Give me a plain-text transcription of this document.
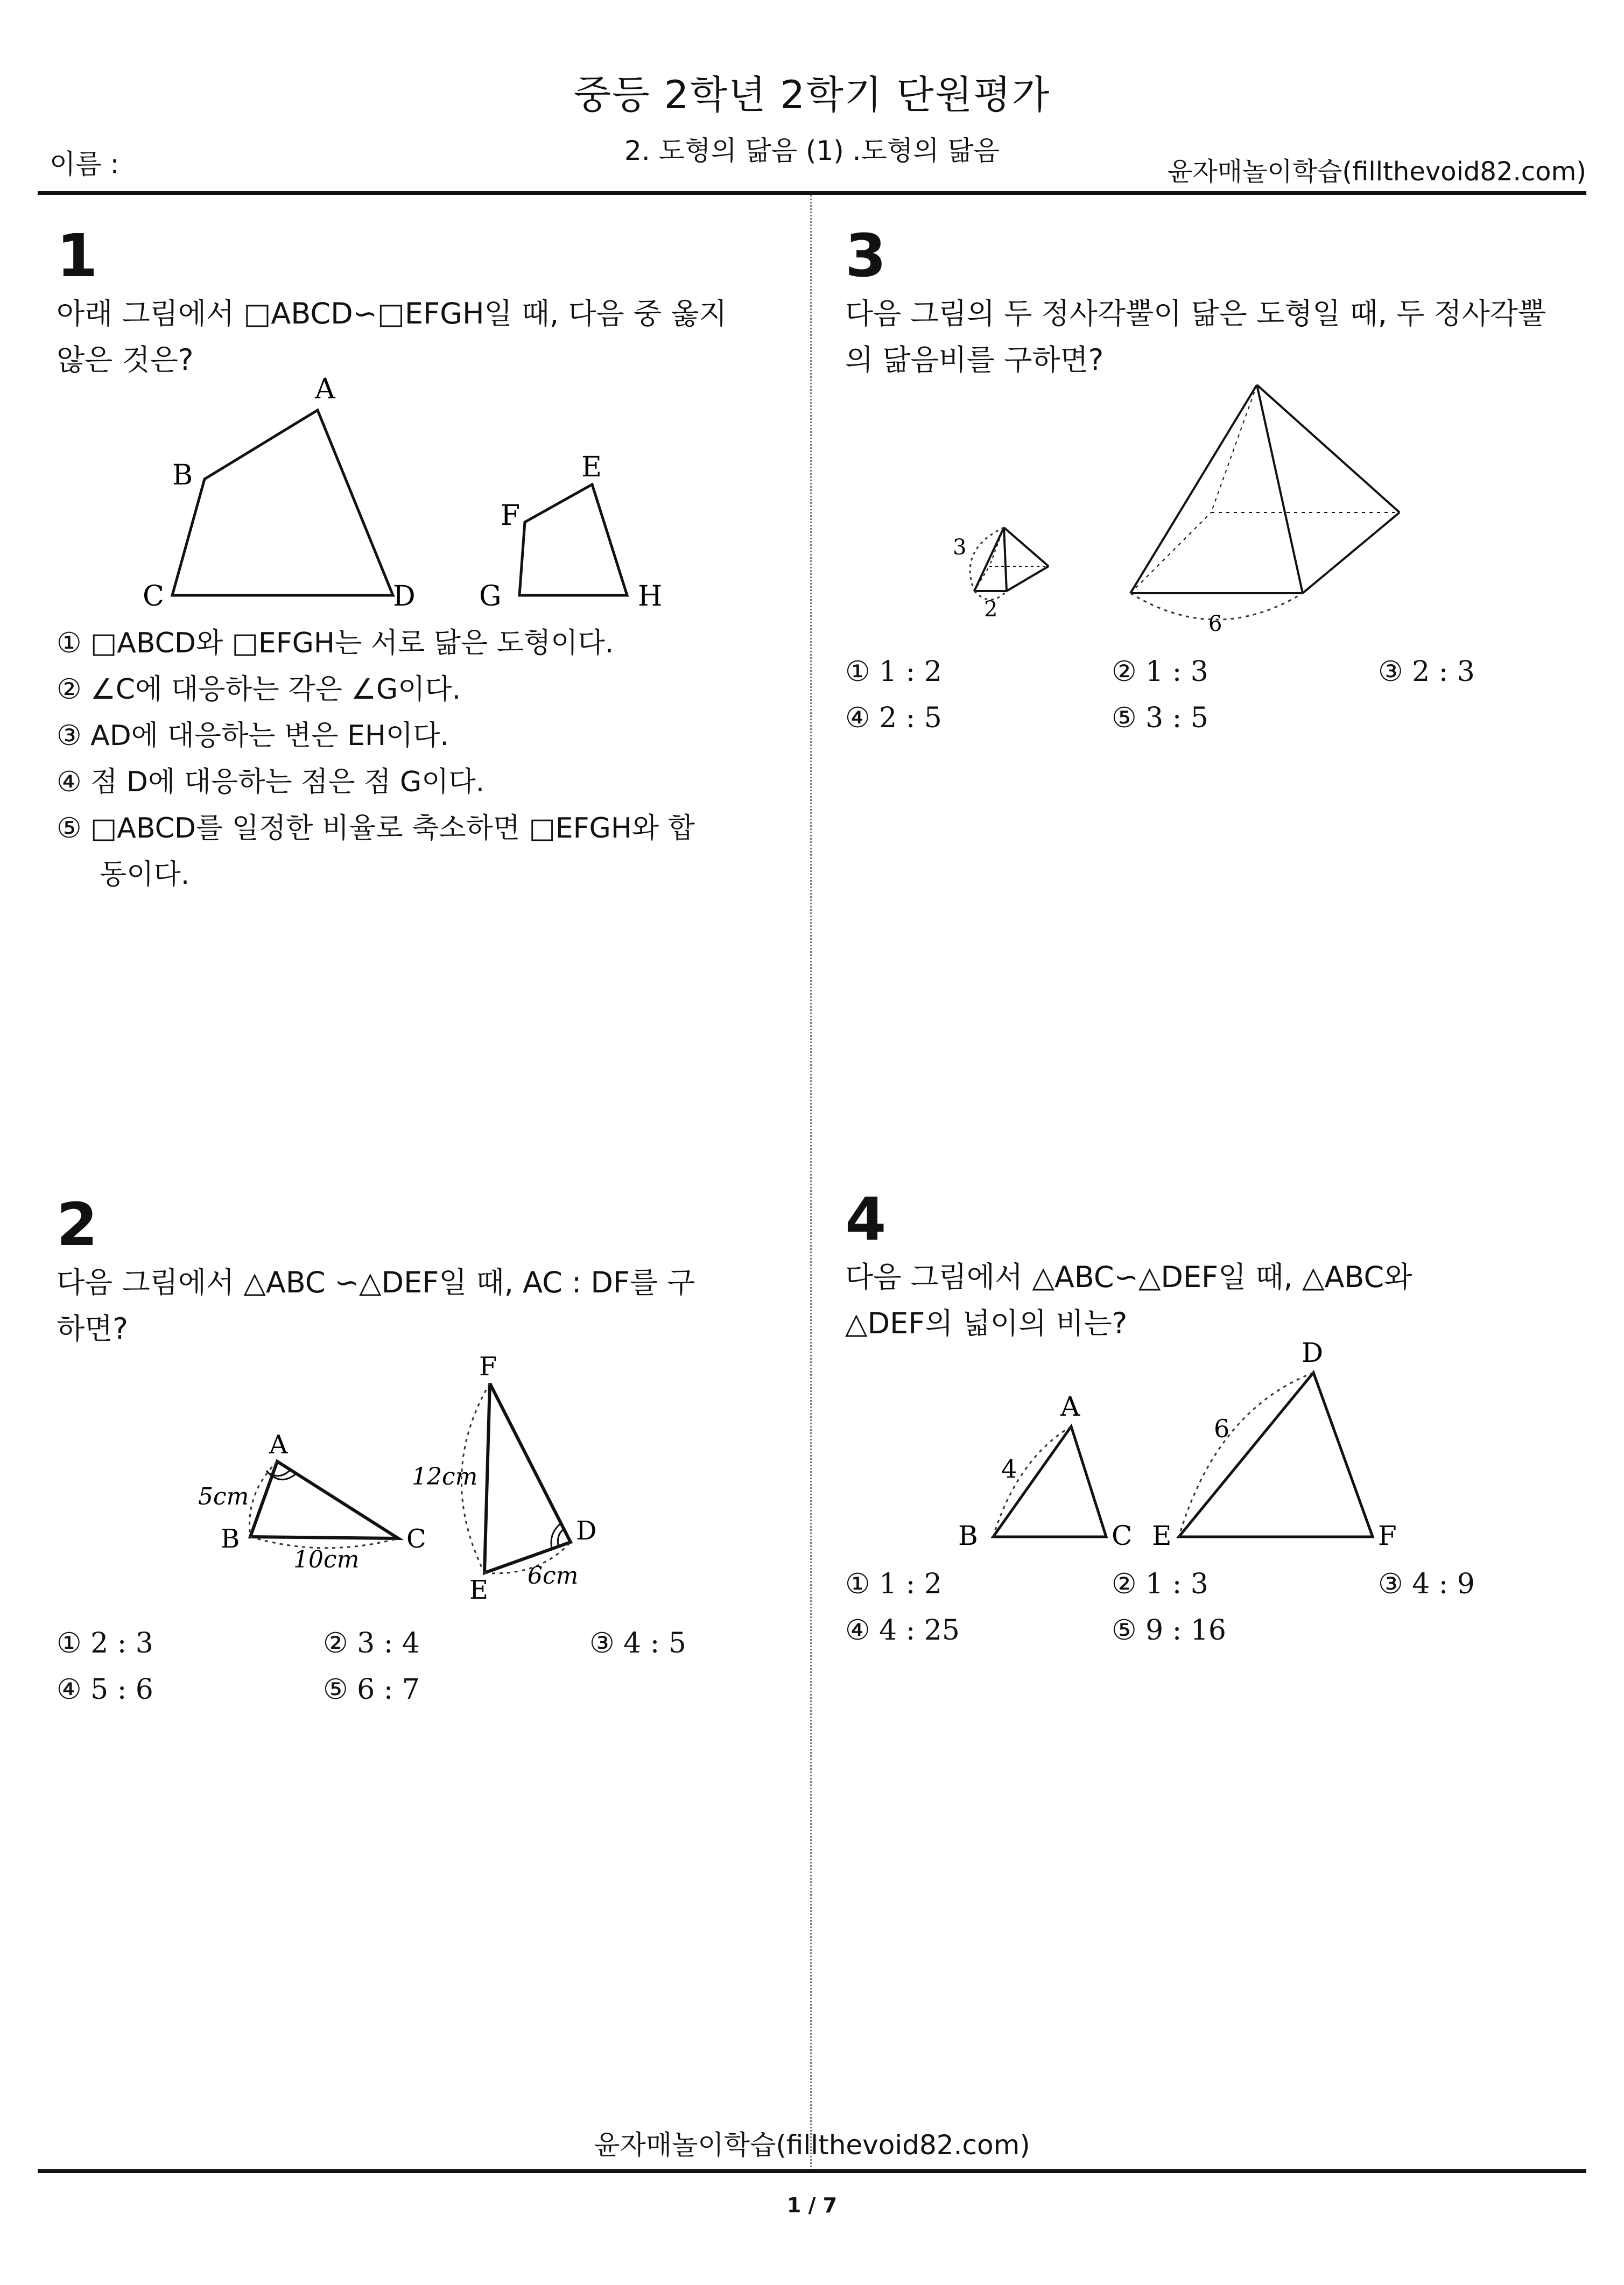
중등 2학년 2학기 단원평가
이름 :	2. 도형의 닮음 (1) .도형의 닮음
윤자매놀이학습(fillthevoid82.com)
1
아래 그림에서 □ABCD∽□EFGH일 때, 다음 중 옳지
않은 것은?
A
B
C	D
E
F
G	H
① □ABCD와 □EFGH는 서로 닮은 도형이다.
② ∠C에 대응하는 각은 ∠G이다.
③ AD에 대응하는 변은 EH이다.
④ 점 D에 대응하는 점은 점 G이다.
⑤ □ABCD를 일정한 비율로 축소하면 □EFGH와 합
동이다.
2
다음 그림에서 △ABC ∽△DEF일 때, AC : DF를 구
하면?
A
B	C	D
E
F
5cm
10cm
12cm
6cm
① 2 : 3	② 3 : 4	③ 4 : 5
④ 5 : 6	⑤ 6 : 7
3
다음 그림의 두 정사각뿔이 닮은 도형일 때, 두 정사각뿔
의 닮음비를 구하면?
3
2
6
① 1 : 2	② 1 : 3	③ 2 : 3
④ 2 : 5	⑤ 3 : 5
4
다음 그림에서 △ABC∽△DEF일 때, △ABC와
△DEF의 넓이의 비는?
A
B	C
D
E	F
4
6
① 1 : 2	② 1 : 3	③ 4 : 9
④ 4 : 25	⑤ 9 : 16
윤자매놀이학습(fillthevoid82.com)
1 / 7
